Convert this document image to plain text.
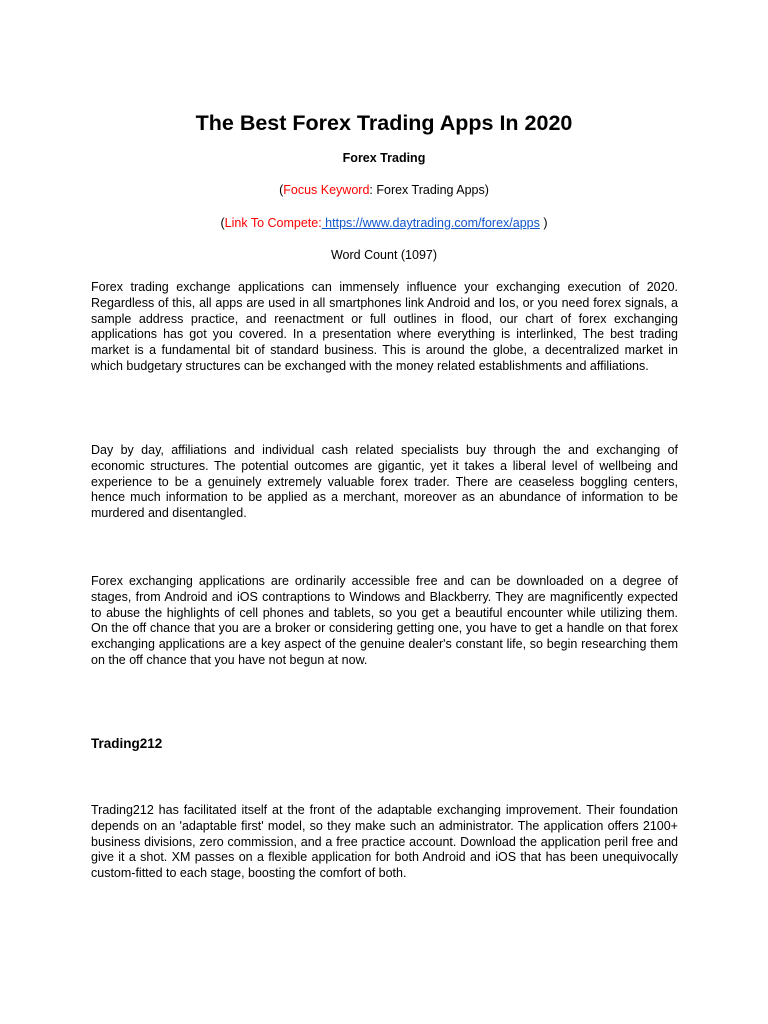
The Best Forex Trading Apps In 2020
Forex Trading
(Focus Keyword: Forex Trading Apps)
(Link To Compete: https://www.daytrading.com/forex/apps )
Word Count (1097)

Forex trading exchange applications can immensely influence your exchanging execution of 2020. Regardless of this, all apps are used in all smartphones link Android and Ios, or you need forex signals, a sample address practice, and reenactment or full outlines in flood, our chart of forex exchanging applications has got you covered. In a presentation where everything is interlinked, The best trading market is a fundamental bit of standard business. This is around the globe, a decentralized market in which budgetary structures can be exchanged with the money related establishments and affiliations.

Day by day, affiliations and individual cash related specialists buy through the and exchanging of economic structures. The potential outcomes are gigantic, yet it takes a liberal level of wellbeing and experience to be a genuinely extremely valuable forex trader. There are ceaseless boggling centers, hence much information to be applied as a merchant, moreover as an abundance of information to be murdered and disentangled.

Forex exchanging applications are ordinarily accessible free and can be downloaded on a degree of stages, from Android and iOS contraptions to Windows and Blackberry. They are magnificently expected to abuse the highlights of cell phones and tablets, so you get a beautiful encounter while utilizing them. On the off chance that you are a broker or considering getting one, you have to get a handle on that forex exchanging applications are a key aspect of the genuine dealer's constant life, so begin researching them on the off chance that you have not begun at now.

Trading212

Trading212 has facilitated itself at the front of the adaptable exchanging improvement. Their foundation depends on an 'adaptable first' model, so they make such an administrator. The application offers 2100+ business divisions, zero commission, and a free practice account. Download the application peril free and give it a shot. XM passes on a flexible application for both Android and iOS that has been unequivocally custom-fitted to each stage, boosting the comfort of both.
